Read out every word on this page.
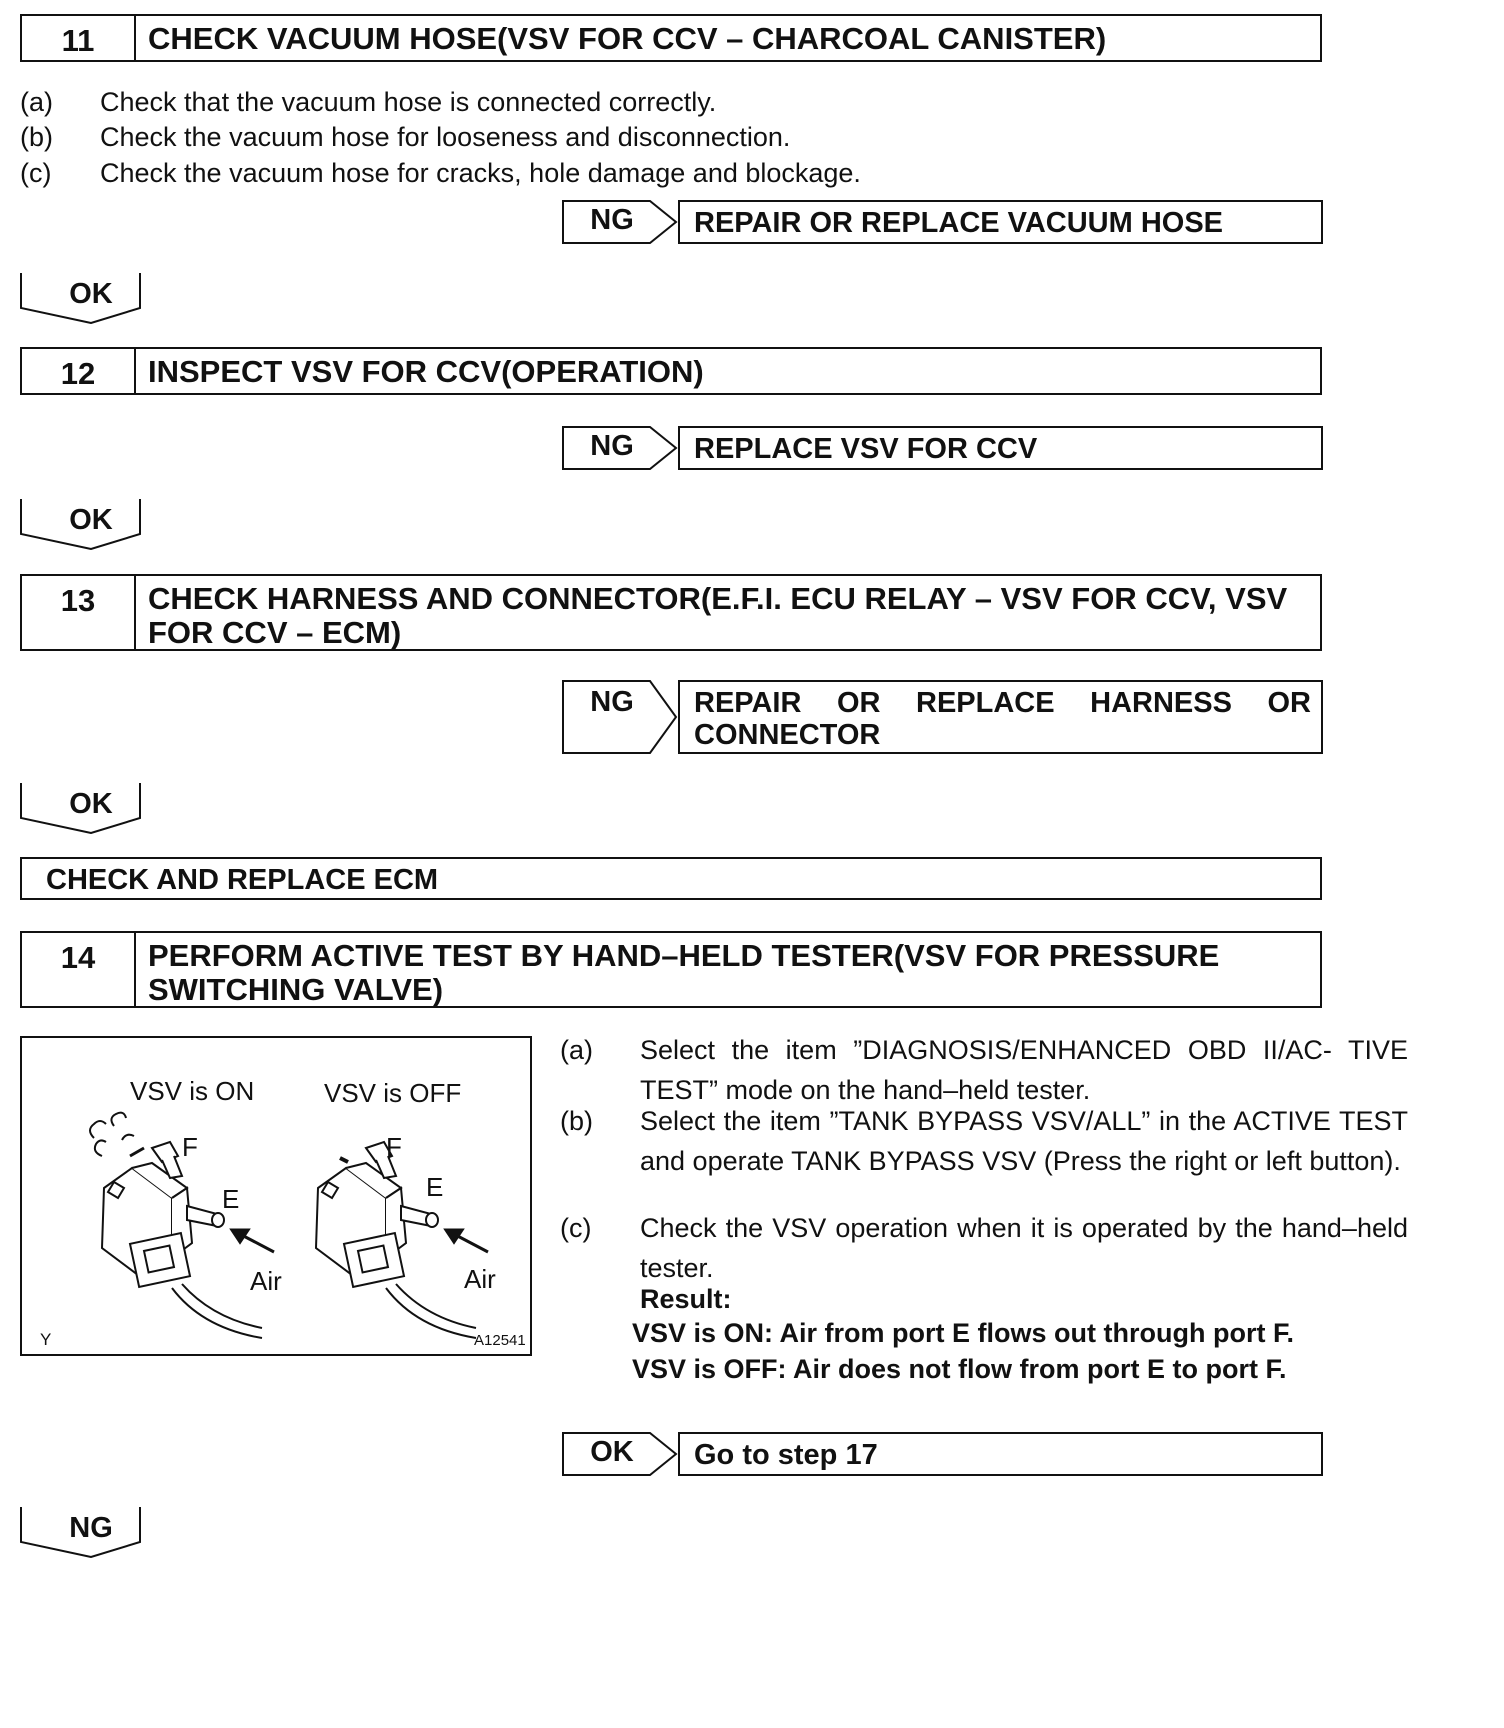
11	CHECK VACUUM HOSE(VSV FOR CCV – CHARCOAL CANISTER)
(a)	Check that the vacuum hose is connected correctly.
(b)	Check the vacuum hose for looseness and disconnection.
(c)	Check the vacuum hose for cracks, hole damage and blockage.
NG	REPAIR OR REPLACE VACUUM HOSE
OK
12	INSPECT VSV FOR CCV(OPERATION)
NG	REPLACE VSV FOR CCV
OK
13	CHECK HARNESS AND CONNECTOR(E.F.I. ECU RELAY – VSV FOR CCV, VSV
FOR CCV – ECM)
NG	REPAIR OR REPLACE HARNESS OR
CONNECTOR
OK
CHECK AND REPLACE ECM
14	PERFORM ACTIVE TEST BY HAND–HELD TESTER(VSV FOR PRESSURE
SWITCHING VALVE)
VSV is ON	VSV is OFF
F
E
Air
F
E
Air
Y	A12541
(a) Select the item ”DIAGNOSIS/ENHANCED OBD II/AC- TIVE TEST” mode on the hand–held tester.
(b) Select the item ”TANK BYPASS VSV/ALL” in the ACTIVE TEST and operate TANK BYPASS VSV (Press the right or left button).
(c) Check the VSV operation when it is operated by the hand–held tester.
Result:
VSV is ON: Air from port E flows out through port F.
VSV is OFF: Air does not flow from port E to port F.
OK	Go to step 17
NG
